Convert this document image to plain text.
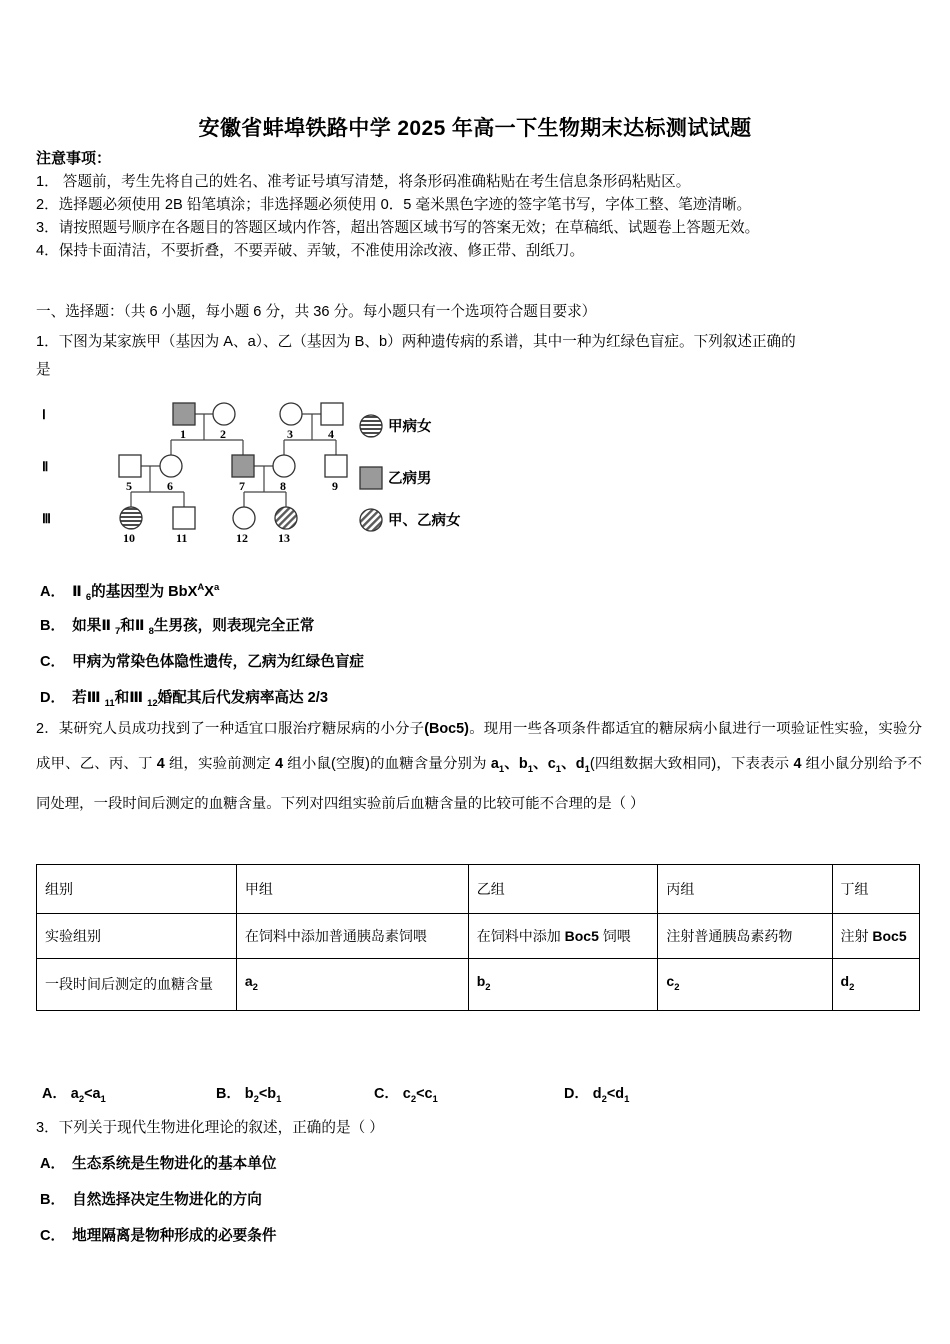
安徽省蚌埠铁路中学 2025 年高一下生物期末达标测试试题
注意事项：
1． 答题前，考生先将自己的姓名、准考证号填写清楚，将条形码准确粘贴在考生信息条形码粘贴区。
2．选择题必须使用 2B 铅笔填涂；非选择题必须使用 0．5 毫米黑色字迹的签字笔书写，字体工整、笔迹清晰。
3．请按照题号顺序在各题目的答题区域内作答，超出答题区域书写的答案无效；在草稿纸、试题卷上答题无效。
4．保持卡面清洁，不要折叠，不要弄破、弄皱，不准使用涂改液、修正带、刮纸刀。
一、选择题：（共 6 小题，每小题 6 分，共 36 分。每小题只有一个选项符合题目要求）
1．下图为某家族甲（基因为 A、a）、乙（基因为 B、b）两种遗传病的系谱，其中一种为红绿色盲症。下列叙述正确的
是
Ⅰ
Ⅱ
Ⅲ
1	2	3	4
5	6	7	8	9
10	11	12	13
甲病女
乙病男
甲、乙病女
A． Ⅱ $_6$的基因型为 $BbX^AX^a$
B． 如果Ⅱ $_7$和Ⅱ $_8$生男孩，则表现完全正常
C． 甲病为常染色体隐性遗传，乙病为红绿色盲症
D． 若Ⅲ $_{11}$和Ⅲ $_{12}$婚配其后代发病率高达 2/3
2．某研究人员成功找到了一种适宜口服治疗糖尿病的小分子(Boc5)。现用一些各项条件都适宜的糖尿病小鼠进行一项验证性实验，实验分成甲、乙、丙、丁 4 组，实验前测定 4 组小鼠(空腹)的血糖含量分别为 $a_1$、$b_1$、$c_1$、$d_1$(四组数据大致相同)，下表表示 4 组小鼠分别给予不同处理，一段时间后测定的血糖含量。下列对四组实验前后血糖含量的比较可能不合理的是（ ）
组别	甲组	乙组	丙组	丁组
实验组别	在饲料中添加普通胰岛素饲喂	在饲料中添加 Boc5 饲喂	注射普通胰岛素药物	注射 Boc5
一段时间后测定的血糖含量	$a_2$	$b_2$	$c_2$	$d_2$
A． $a_2<a_1$	B． $b_2<b_1$	C． $c_2<c_1$	D． $d_2<d_1$
3．下列关于现代生物进化理论的叙述，正确的是（ ）
A． 生态系统是生物进化的基本单位
B． 自然选择决定生物进化的方向
C． 地理隔离是物种形成的必要条件
